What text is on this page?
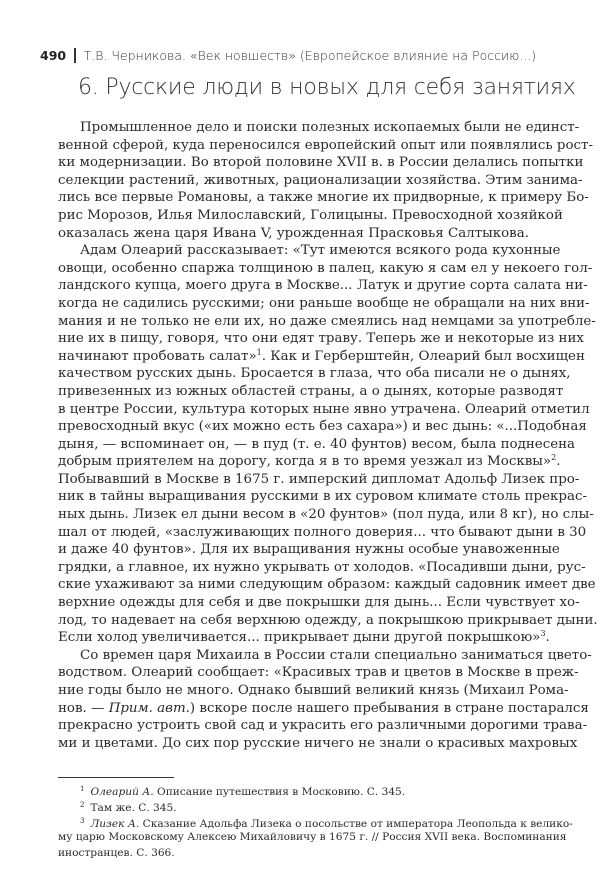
490 Т.В. Черникова. «Век новшеств» (Европейское влияние на Россию...)
6. Русские люди в новых для себя занятиях
Промышленное дело и поиски полезных ископаемых были не единст-
венной сферой, куда переносился европейский опыт или появлялись рост-
ки модернизации. Во второй половине XVII в. в России делались попытки
селекции растений, животных, рационализации хозяйства. Этим занима-
лись все первые Романовы, а также многие их придворные, к примеру Бо-
рис Морозов, Илья Милославский, Голицыны. Превосходной хозяйкой
оказалась жена царя Ивана V, урожденная Прасковья Салтыкова.
Адам Олеарий рассказывает: «Тут имеются всякого рода кухонные
овощи, особенно спаржа толщиною в палец, какую я сам ел у некоего гол-
ландского купца, моего друга в Москве... Латук и другие сорта салата ни-
когда не садились русскими; они раньше вообще не обращали на них вни-
мания и не только не ели их, но даже смеялись над немцами за употребле-
ние их в пищу, говоря, что они едят траву. Теперь же и некоторые из них
начинают пробовать салат»$^1$. Как и Герберштейн, Олеарий был восхищен
качеством русских дынь. Бросается в глаза, что оба писали не о дынях,
привезенных из южных областей страны, а о дынях, которые разводят
в центре России, культура которых ныне явно утрачена. Олеарий отметил
превосходный вкус («их можно есть без сахара») и вес дынь: «...Подобная
дыня, — вспоминает он, — в пуд (т. е. 40 фунтов) весом, была поднесена
добрым приятелем на дорогу, когда я в то время уезжал из Москвы»$^2$.
Побывавший в Москве в 1675 г. имперский дипломат Адольф Лизек про-
ник в тайны выращивания русскими в их суровом климате столь прекрас-
ных дынь. Лизек ел дыни весом в «20 фунтов» (пол пуда, или 8 кг), но слы-
шал от людей, «заслуживающих полного доверия... что бывают дыни в 30
и даже 40 фунтов». Для их выращивания нужны особые унавоженные
грядки, а главное, их нужно укрывать от холодов. «Посадивши дыни, рус-
ские ухаживают за ними следующим образом: каждый садовник имеет две
верхние одежды для себя и две покрышки для дынь... Если чувствует хо-
лод, то надевает на себя верхнюю одежду, а покрышкою прикрывает дыни.
Если холод увеличивается... прикрывает дыни другой покрышкою»$^3$.
Со времен царя Михаила в России стали специально заниматься цвето-
водством. Олеарий сообщает: «Красивых трав и цветов в Москве в преж-
ние годы было не много. Однако бывший великий князь (Михаил Рома-
нов. — Прим. авт.) вскоре после нашего пребывания в стране постарался
прекрасно устроить свой сад и украсить его различными дорогими трава-
ми и цветами. До сих пор русские ничего не знали о красивых махровых
$^1$ Олеарий А. Описание путешествия в Московию. С. 345.
$^2$ Там же. С. 345.
$^3$ Лизек А. Сказание Адольфа Лизека о посольстве от императора Леопольда к велико-
му царю Московскому Алексею Михайловичу в 1675 г. // Россия XVII века. Воспоминания
иностранцев. С. 366.
